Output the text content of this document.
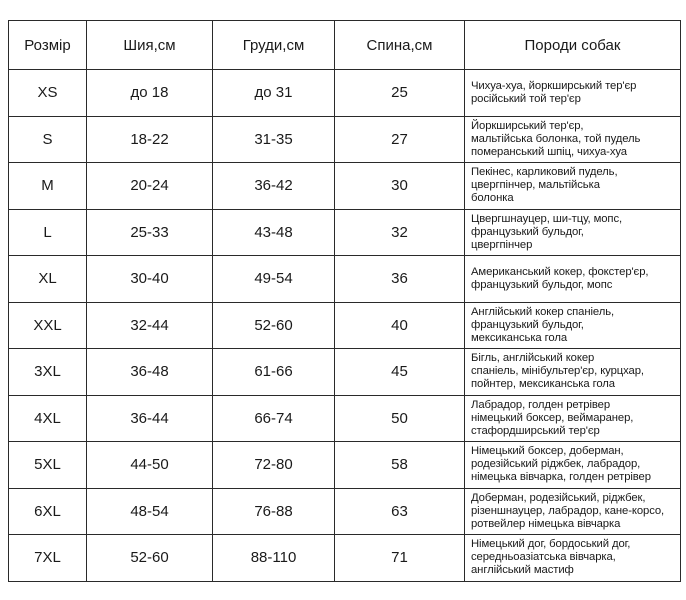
Розмір	Шия,см	Груди,см	Спина,см	Породи собак
XS	до 18	до 31	25	Чихуа-хуа, йоркширський тер'єр
російський той тер'єр
S	18-22	31-35	27	Йоркширський тер'єр,
мальтійська болонка, той пудель
померанський шпіц, чихуа-хуа
M	20-24	36-42	30	Пекінес, карликовий пудель,
цвергпінчер, мальтійська
болонка
L	25-33	43-48	32	Цвергшнауцер, ши-тцу, мопс,
французький бульдог,
цвергпінчер
XL	30-40	49-54	36	Американський кокер, фокстер'єр,
французький бульдог, мопс
XXL	32-44	52-60	40	Англійський кокер спаніель,
французький бульдог,
мексиканська гола
3XL	36-48	61-66	45	Бігль, англійський кокер
спаніель, мінібультер'єр, курцхар,
пойнтер, мексиканська гола
4XL	36-44	66-74	50	Лабрадор, голден ретрівер
німецький боксер, веймаранер,
стафордширський тер'єр
5XL	44-50	72-80	58	Німецький боксер, доберман,
родезійський ріджбек, лабрадор,
німецька вівчарка, голден ретрівер
6XL	48-54	76-88	63	Доберман, родезійський, ріджбек,
різеншнауцер, лабрадор, кане-корсо,
ротвейлер німецька вівчарка
7XL	52-60	88-110	71	Німецький дог, бордоський дог,
середньоазіатська вівчарка,
англійський мастиф
